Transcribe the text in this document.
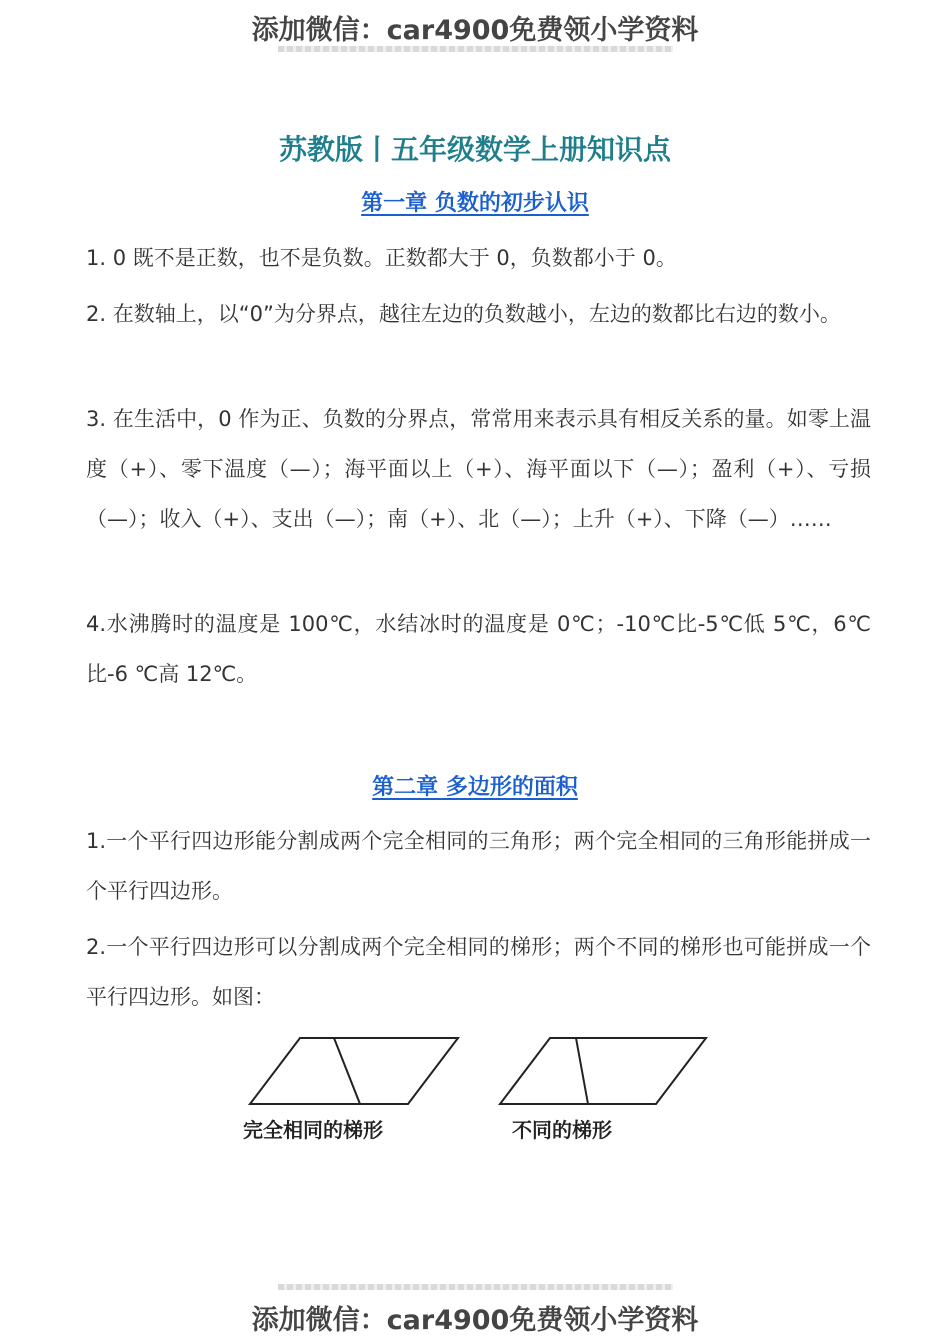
添加微信：car4900免费领小学资料
苏教版丨五年级数学上册知识点
第一章 负数的初步认识
1. 0 既不是正数，也不是负数。正数都大于 0，负数都小于 0。
2. 在数轴上，以“0”为分界点，越往左边的负数越小，左边的数都比右边的数小。
3. 在生活中，0 作为正、负数的分界点，常常用来表示具有相反关系的量。如零上温度（+）、零下温度（—）；海平面以上（+）、海平面以下（—）；盈利（+）、亏损（—）；收入（+）、支出（—）；南（+）、北（—）；上升（+）、下降（—）……
4.水沸腾时的温度是 100℃，水结冰时的温度是 0℃；-10℃比-5℃低 5℃，6℃比-6 ℃高 12℃。
第二章 多边形的面积
1.一个平行四边形能分割成两个完全相同的三角形；两个完全相同的三角形能拼成一个平行四边形。
2.一个平行四边形可以分割成两个完全相同的梯形；两个不同的梯形也可能拼成一个平行四边形。如图：
完全相同的梯形	不同的梯形
添加微信：car4900免费领小学资料
